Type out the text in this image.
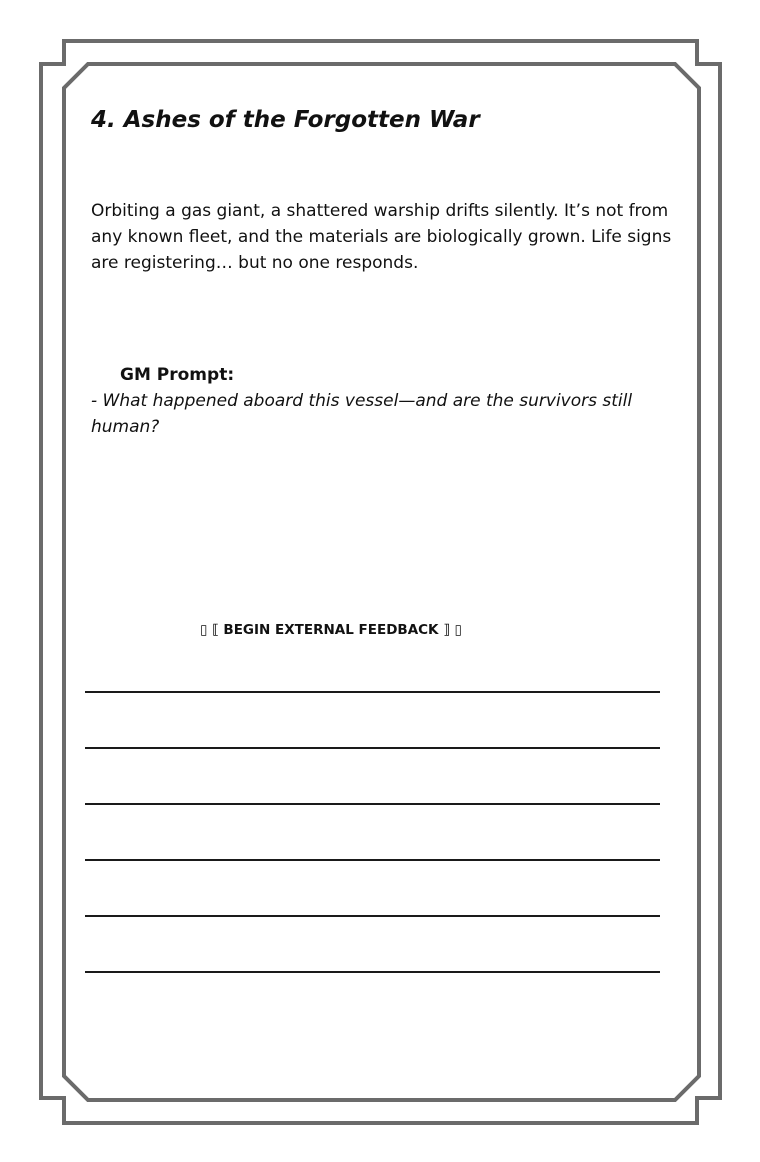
4. Ashes of the Forgotten War

Orbiting a gas giant, a shattered warship drifts silently. It’s not from any known fleet, and the materials are biologically grown. Life signs are registering… but no one responds.

GM Prompt:

- What happened aboard this vessel—and are the survivors still human?

▯ ⟦ BEGIN EXTERNAL FEEDBACK ⟧ ▯
